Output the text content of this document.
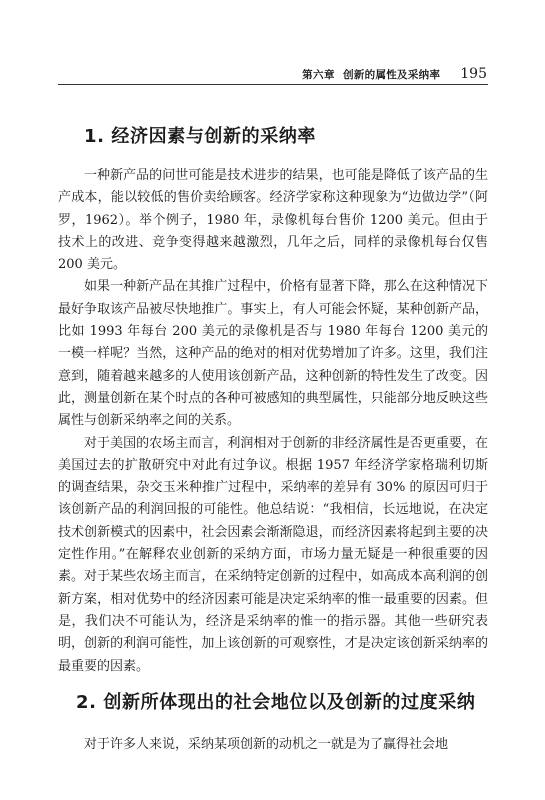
第六章 创新的属性及采纳率 195
1. 经济因素与创新的采纳率

一种新产品的问世可能是技术进步的结果，也可能是降低了该产品的生产成本，能以较低的售价卖给顾客。经济学家称这种现象为“边做边学”（阿罗，1962）。举个例子，1980 年，录像机每台售价 1200 美元。但由于技术上的改进、竞争变得越来越激烈，几年之后，同样的录像机每台仅售 200 美元。

如果一种新产品在其推广过程中，价格有显著下降，那么在这种情况下最好争取该产品被尽快地推广。事实上，有人可能会怀疑，某种创新产品，比如 1993 年每台 200 美元的录像机是否与 1980 年每台 1200 美元的一模一样呢？当然，这种产品的绝对的相对优势增加了许多。这里，我们注意到，随着越来越多的人使用该创新产品，这种创新的特性发生了改变。因此，测量创新在某个时点的各种可被感知的典型属性，只能部分地反映这些属性与创新采纳率之间的关系。

对于美国的农场主而言，利润相对于创新的非经济属性是否更重要，在美国过去的扩散研究中对此有过争议。根据 1957 年经济学家格瑞利切斯的调查结果，杂交玉米种推广过程中，采纳率的差异有 30% 的原因可归于该创新产品的利润回报的可能性。他总结说：“我相信，长远地说，在决定技术创新模式的因素中，社会因素会渐渐隐退，而经济因素将起到主要的决定性作用。”在解释农业创新的采纳方面，市场力量无疑是一种很重要的因素。对于某些农场主而言，在采纳特定创新的过程中，如高成本高利润的创新方案，相对优势中的经济因素可能是决定采纳率的惟一最重要的因素。但是，我们决不可能认为，经济是采纳率的惟一的指示器。其他一些研究表明，创新的利润可能性，加上该创新的可观察性，才是决定该创新采纳率的最重要的因素。

2. 创新所体现出的社会地位以及创新的过度采纳

对于许多人来说，采纳某项创新的动机之一就是为了赢得社会地
